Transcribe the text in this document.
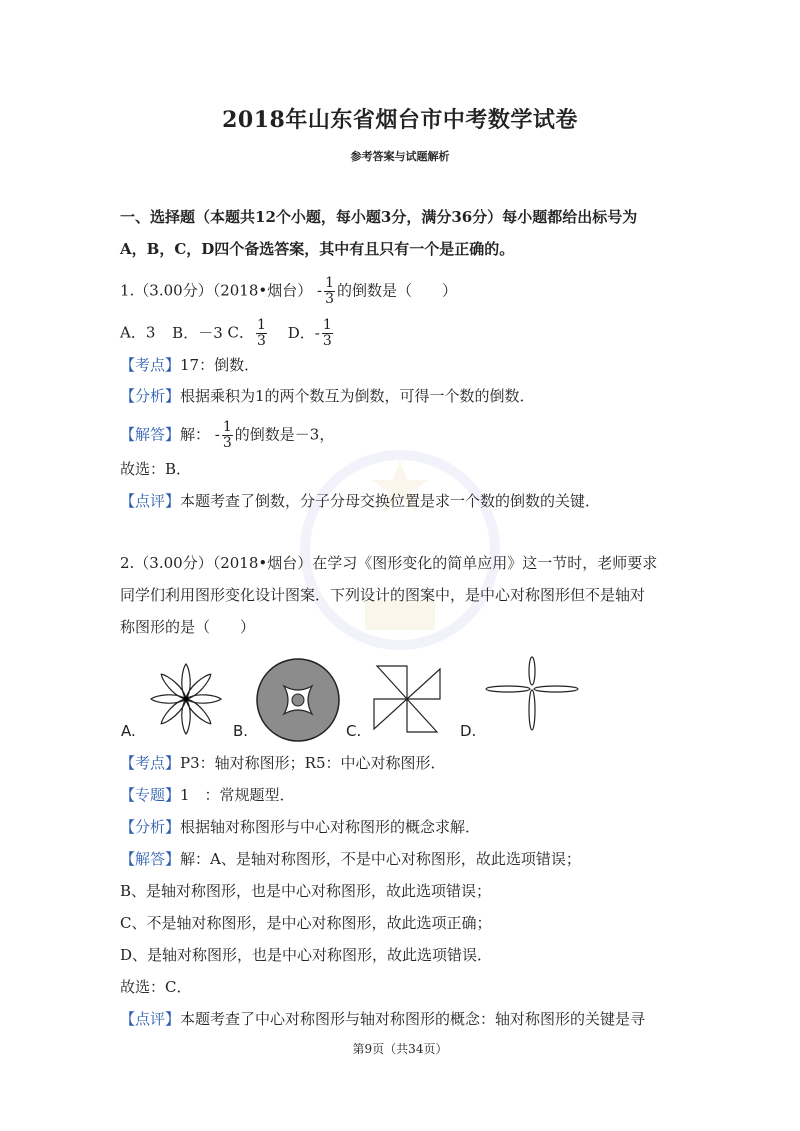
2018年山东省烟台市中考数学试卷
参考答案与试题解析
一、选择题（本题共12个小题，每小题3分，满分36分）每小题都给出标号为
A，B，C，D四个备选答案，其中有且只有一个是正确的。
1.（3.00分）（2018•烟台） - $\frac{1}{3}$ 的倒数是（　　）
A．3 B．－3 C． $\frac{1}{3}$ D．- $\frac{1}{3}$
【考点】17：倒数．
【分析】根据乘积为1的两个数互为倒数，可得一个数的倒数．
【解答】解： - $\frac{1}{3}$ 的倒数是－3，
故选：B．
【点评】本题考查了倒数，分子分母交换位置是求一个数的倒数的关键．
2.（3.00分）（2018•烟台）在学习《图形变化的简单应用》这一节时，老师要求
同学们利用图形变化设计图案．下列设计的图案中，是中心对称图形但不是轴对
称图形的是（　　）
A.	B.	C.	D.
【考点】P3：轴对称图形；R5：中心对称图形．
【专题】1　：常规题型．
【分析】根据轴对称图形与中心对称图形的概念求解．
【解答】解：A、是轴对称图形，不是中心对称图形，故此选项错误；
B、是轴对称图形，也是中心对称图形，故此选项错误；
C、不是轴对称图形，是中心对称图形，故此选项正确；
D、是轴对称图形，也是中心对称图形，故此选项错误．
故选：C．
【点评】本题考查了中心对称图形与轴对称图形的概念：轴对称图形的关键是寻
第9页（共34页）
